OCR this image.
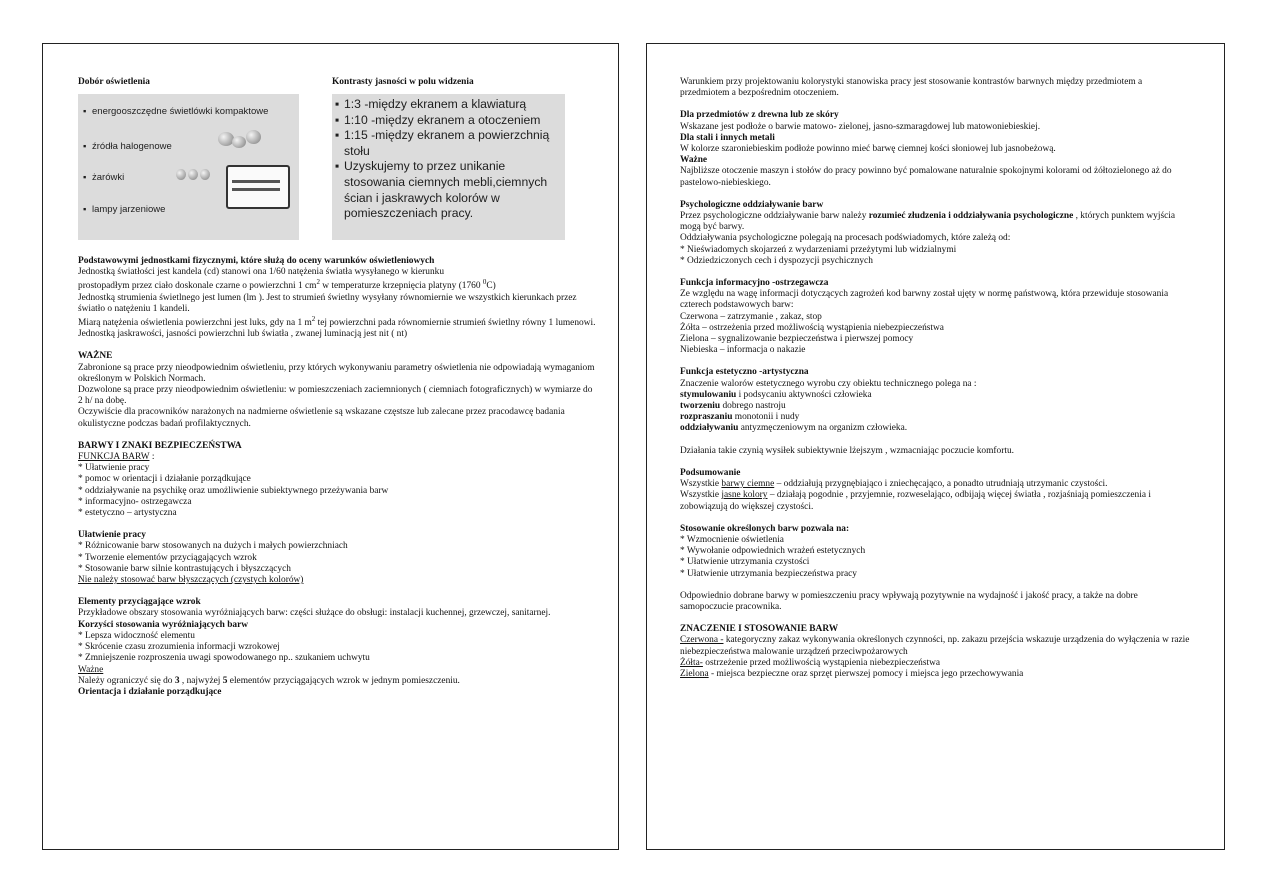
Dobór oświetlenia	Kontrasty jasności w polu widzenia

▪ energooszczędne świetlówki kompaktowe
▪ źródła halogenowe
▪ żarówki
▪ lampy jarzeniowe
▪ 1:3 -między ekranem a klawiaturą
▪ 1:10 -między ekranem a otoczeniem
▪ 1:15 -między ekranem a powierzchnią stołu
▪ Uzyskujemy to przez unikanie stosowania ciemnych mebli,ciemnych ścian i jaskrawych kolorów w pomieszczeniach pracy.

Podstawowymi jednostkami fizycznymi, które służą do oceny warunków oświetleniowych

Jednostką światłości jest kandela (cd) stanowi ona 1/60 natężenia światła wysyłanego w kierunku

prostopadłym przez ciało doskonale czarne o powierzchni 1 $cm^2$ w temperaturze krzepnięcia platyny (1760 $^0$C)

Jednostką strumienia świetlnego jest lumen (lm ). Jest to strumień świetlny wysyłany równomiernie we wszystkich kierunkach przez światło o natężeniu 1 kandeli.

Miarą natężenia oświetlenia powierzchni jest luks, gdy na 1 $m^2$ tej powierzchni pada równomiernie strumień świetlny równy 1 lumenowi.

Jednostką jaskrawości, jasności powierzchni lub światła , zwanej luminacją jest nit ( nt)

WAŻNE

Zabronione są prace przy nieodpowiednim oświetleniu, przy których wykonywaniu parametry oświetlenia nie odpowiadają wymaganiom określonym w Polskich Normach.

Dozwolone są prace przy nieodpowiednim oświetleniu: w pomieszczeniach zaciemnionych ( ciemniach fotograficznych) w wymiarze do 2 h/ na dobę.

Oczywiście dla pracowników narażonych na nadmierne oświetlenie są wskazane częstsze lub zalecane przez pracodawcę badania okulistyczne podczas badań profilaktycznych.

BARWY I ZNAKI BEZPIECZEŃSTWA

FUNKCJA BARW :

* Ułatwienie pracy

* pomoc w orientacji i działanie porządkujące

* oddziaływanie na psychikę oraz umożliwienie subiektywnego przeżywania barw

* informacyjno- ostrzegawcza

* estetyczno – artystyczna

Ułatwienie pracy

* Różnicowanie barw stosowanych na dużych i małych powierzchniach

* Tworzenie elementów przyciągających wzrok

* Stosowanie barw silnie kontrastujących i błyszczących

Nie należy stosować barw błyszczących (czystych kolorów)

Elementy przyciągające wzrok

Przykładowe obszary stosowania wyróżniających barw: części służące do obsługi: instalacji kuchennej, grzewczej, sanitarnej.

Korzyści stosowania wyróżniających barw

* Lepsza widoczność elementu

* Skrócenie czasu zrozumienia informacji wzrokowej

* Zmniejszenie rozproszenia uwagi spowodowanego np.. szukaniem uchwytu

Ważne

Należy ograniczyć się do 3 , najwyżej 5 elementów przyciągających wzrok w jednym pomieszczeniu.

Orientacja i działanie porządkujące

Warunkiem przy projektowaniu kolorystyki stanowiska pracy jest stosowanie kontrastów barwnych między przedmiotem a przedmiotem a bezpośrednim otoczeniem.

Dla przedmiotów z drewna lub ze skóry

Wskazane jest podłoże o barwie matowo- zielonej, jasno-szmaragdowej lub matowoniebieskiej.

Dla stali i innych metali

W kolorze szaroniebieskim podłoże powinno mieć barwę ciemnej kości słoniowej lub jasnobeżową.

Ważne

Najbliższe otoczenie maszyn i stołów do pracy powinno być pomalowane naturalnie spokojnymi kolorami od żółtozielonego aż do pastelowo-niebieskiego.

Psychologiczne oddziaływanie barw

Przez psychologiczne oddziaływanie barw należy rozumieć złudzenia i oddziaływania psychologiczne , których punktem wyjścia mogą być barwy.

Oddziaływania psychologiczne polegają na procesach podświadomych, które zależą od:

* Nieświadomych skojarzeń z wydarzeniami przeżytymi lub widzialnymi

* Odziedziczonych cech i dyspozycji psychicznych

Funkcja informacyjno -ostrzegawcza

Ze względu na wagę informacji dotyczących zagrożeń kod barwny został ujęty w normę państwową, która przewiduje stosowania czterech podstawowych barw:

Czerwona – zatrzymanie , zakaz, stop

Żółta – ostrzeżenia przed możliwością wystąpienia niebezpieczeństwa

Zielona – sygnalizowanie bezpieczeństwa i pierwszej pomocy

Niebieska – informacja o nakazie

Funkcja estetyczno -artystyczna

Znaczenie walorów estetycznego wyrobu czy obiektu technicznego polega na :

stymulowaniu i podsycaniu aktywności człowieka

tworzeniu dobrego nastroju

rozpraszaniu monotonii i nudy

oddziaływaniu antyzmęczeniowym na organizm człowieka.

Działania takie czynią wysiłek subiektywnie lżejszym , wzmacniając poczucie komfortu.

Podsumowanie

Wszystkie barwy ciemne – oddziałują przygnębiająco i zniechęcająco, a ponadto utrudniają utrzymanic czystości.

Wszystkie jasne kolory – działają pogodnie , przyjemnie, rozweselająco, odbijają więcej światła , rozjaśniają pomieszczenia i zobowiązują do większej czystości.

Stosowanie określonych barw pozwala na:

* Wzmocnienie oświetlenia

* Wywołanie odpowiednich wrażeń estetycznych

* Ułatwienie utrzymania czystości

* Ułatwienie utrzymania bezpieczeństwa pracy

Odpowiednio dobrane barwy w pomieszczeniu pracy wpływają pozytywnie na wydajność i jakość pracy, a także na dobre samopoczucie pracownika.

ZNACZENIE I STOSOWANIE BARW

Czerwona - kategoryczny zakaz wykonywania określonych czynności, np. zakazu przejścia wskazuje urządzenia do wyłączenia w razie niebezpieczeństwa malowanie urządzeń przeciwpożarowych

Żółta- ostrzeżenie przed możliwością wystąpienia niebezpieczeństwa

Zielona - miejsca bezpieczne oraz sprzęt pierwszej pomocy i miejsca jego przechowywania
